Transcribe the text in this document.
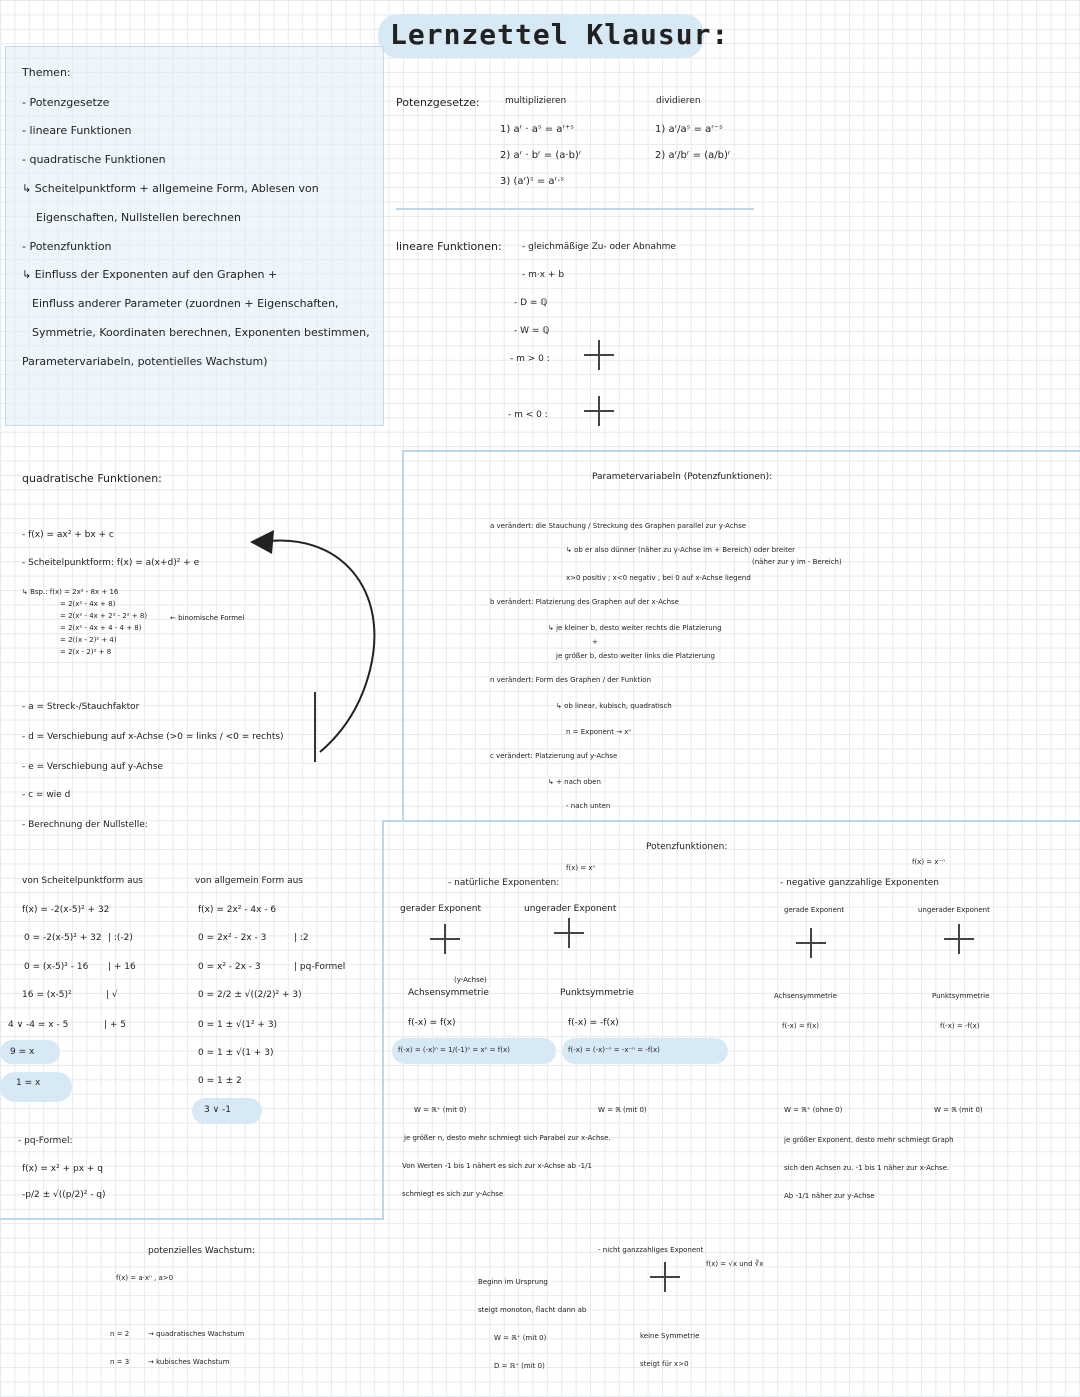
Lernzettel Klausur:
Themen:
- Potenzgesetze
- lineare Funktionen
- quadratische Funktionen
↳ Scheitelpunktform + allgemeine Form, Ablesen von
Eigenschaften, Nullstellen berechnen
- Potenzfunktion
↳ Einfluss der Exponenten auf den Graphen +
Einfluss anderer Parameter (zuordnen + Eigenschaften,
Symmetrie, Koordinaten berechnen, Exponenten bestimmen,
Parametervariabeln, potentielles Wachstum)
Potenzgesetze:	multiplizieren	dividieren
1) aʳ · aˢ = aʳ⁺ˢ
2) aʳ · bʳ = (a·b)ʳ
3) (aʳ)ˢ = aʳ·ˢ
1) aʳ/aˢ = aʳ⁻ˢ
2) aʳ/bʳ = (a/b)ʳ
lineare Funktionen: - gleichmäßige Zu- oder Abnahme
- m·x + b
- D = ℚ
- W = ℚ
- m > 0 :
- m < 0 :
quadratische Funktionen:
- f(x) = ax² + bx + c
- Scheitelpunktform: f(x) = a(x+d)² + e
↳ Bsp.: f(x) = 2x² - 8x + 16
= 2(x² - 4x + 8)
= 2(x² - 4x + 2² - 2² + 8)
= 2(x² - 4x + 4 - 4 + 8)
= 2((x - 2)² + 4)
= 2(x - 2)² + 8
← binomische Formel
- a = Streck-/Stauchfaktor
- d = Verschiebung auf x-Achse (>0 = links / <0 = rechts)
- e = Verschiebung auf y-Achse
- c = wie d
- Berechnung der Nullstelle:
von Scheitelpunktform aus
f(x) = -2(x-5)² + 32
0 = -2(x-5)² + 32 | :(-2)
0 = (x-5)² - 16 | + 16
16 = (x-5)²	| √
4 ∨ -4 = x - 5	| + 5
9 = x
1 = x
von allgemein Form aus
f(x) = 2x² - 4x - 6
0 = 2x² - 2x - 3	| :2
0 = x² - 2x - 3	| pq-Formel
0 = 2/2 ± √((2/2)² + 3)
0 = 1 ± √(1² + 3)
0 = 1 ± √(1 + 3)
0 = 1 ± 2
3 ∨ -1
- pq-Formel:
f(x) = x² + px + q
-p/2 ± √((p/2)² - q)
Parametervariabeln (Potenzfunktionen):
a verändert: die Stauchung / Streckung des Graphen parallel zur y-Achse
↳ ob er also dünner (näher zu y-Achse im + Bereich) oder breiter
(näher zur y im - Bereich)
x>0 positiv ; x<0 negativ , bei 0 auf x-Achse liegend
b verändert: Platzierung des Graphen auf der x-Achse
↳ je kleiner b, desto weiter rechts die Platzierung
+
je größer b, desto weiter links die Platzierung
n verändert: Form des Graphen / der Funktion
↳ ob linear, kubisch, quadratisch
n = Exponent → xⁿ
c verändert: Platzierung auf y-Achse
↳ + nach oben
- nach unten
Potenzfunktionen:
- natürliche Exponenten:
f(x) = xⁿ
- negative ganzzahlige Exponenten
f(x) = x⁻ⁿ
gerader Exponent	ungerader Exponent	gerade Exponent	ungerader Exponent
(y-Achse)
Achsensymmetrie	Punktsymmetrie	Achsensymmetrie	Punktsymmetrie
f(-x) = f(x)	f(-x) = -f(x)	f(-x) = f(x)	f(-x) = -f(x)
f(-x) = (-x)ⁿ = 1/(-1)ⁿ = xⁿ = f(x)	f(-x) = (-x)⁻ⁿ = -x⁻ⁿ = -f(x)
W = ℝ⁺ (mit 0)	W = ℝ (mit 0)	W = ℝ⁺ (ohne 0)	W = ℝ (mit 0)
je größer n, desto mehr schmiegt sich Parabel zur x-Achse.
Von Werten -1 bis 1 nähert es sich zur x-Achse ab -1/1
schmiegt es sich zur y-Achse
je größer Exponent, desto mehr schmiegt Graph
sich den Achsen zu. -1 bis 1 näher zur x-Achse.
Ab -1/1 näher zur y-Achse
- nicht ganzzahliges Exponent
f(x) = √x und ∛x
Beginn im Ursprung
steigt monoton, flacht dann ab
W = ℝ⁺ (mit 0)
D = ℝ⁺ (mit 0)
keine Symmetrie
steigt für x>0
potenzielles Wachstum:
f(x) = a·xⁿ , a>0
n = 2	→ quadratisches Wachstum
n = 3	→ kubisches Wachstum
